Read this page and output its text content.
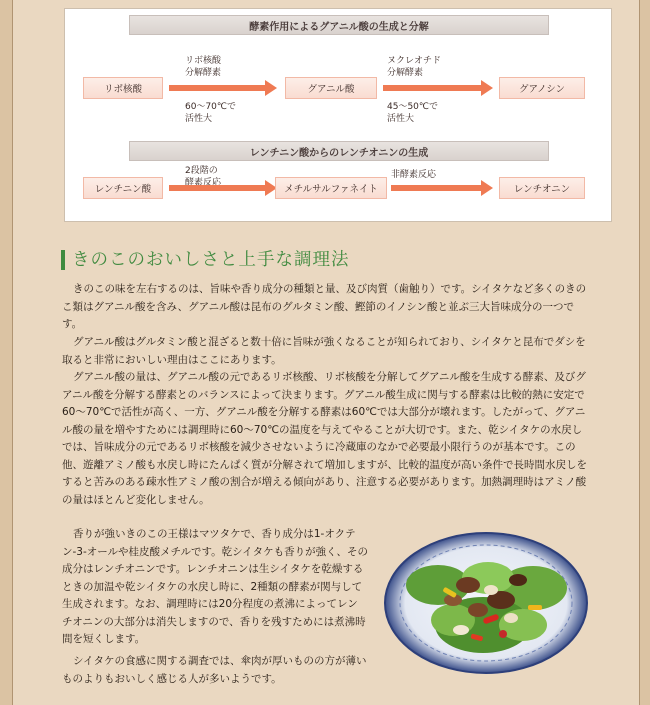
酵素作用によるグアニル酸の生成と分解
リボ核酸
リボ核酸
分解酵素
60～70℃で
活性大
グアニル酸
ヌクレオチド
分解酵素
45～50℃で
活性大
グアノシン
レンチニン酸からのレンチオニンの生成
レンチニン酸
2段階の
酵素反応
メチルサルファネイト
非酵素反応
レンチオニン
きのこのおいしさと上手な調理法

きのこの味を左右するのは、旨味や香り成分の種類と量、及び肉質（歯触り）です。シイタケなど多くのきのこ類はグアニル酸を含み、グアニル酸は昆布のグルタミン酸、鰹節のイノシン酸と並ぶ三大旨味成分の一つです。

グアニル酸はグルタミン酸と混ざると数十倍に旨味が強くなることが知られており、シイタケと昆布でダシを取ると非常においしい理由はここにあります。

グアニル酸の量は、グアニル酸の元であるリボ核酸、リボ核酸を分解してグアニル酸を生成する酵素、及びグアニル酸を分解する酵素とのバランスによって決まります。グアニル酸生成に関与する酵素は比較的熱に安定で60～70℃で活性が高く、一方、グアニル酸を分解する酵素は60℃では大部分が壊れます。したがって、グアニル酸の量を増やすためには調理時に60～70℃の温度を与えてやることが大切です。また、乾シイタケの水戻しでは、旨味成分の元であるリボ核酸を減少させないように冷蔵庫のなかで必要最小限行うのが基本です。この他、遊離アミノ酸も水戻し時にたんぱく質が分解されて増加しますが、比較的温度が高い条件で長時間水戻しをすると苦みのある疎水性アミノ酸の割合が増える傾向があり、注意する必要があります。加熱調理時はアミノ酸の量はほとんど変化しません。

香りが強いきのこの王様はマツタケで、香り成分は1-オクテン-3-オールや桂皮酸メチルです。乾シイタケも香りが強く、その成分はレンチオニンです。レンチオニンは生シイタケを乾燥するときの加温や乾シイタケの水戻し時に、2種類の酵素が関与して生成されます。なお、調理時には20分程度の煮沸によってレンチオニンの大部分は消失しますので、香りを残すためには煮沸時間を短くします。

シイタケの食感に関する調査では、傘肉が厚いものの方が薄いものよりもおいしく感じる人が多いようです。
